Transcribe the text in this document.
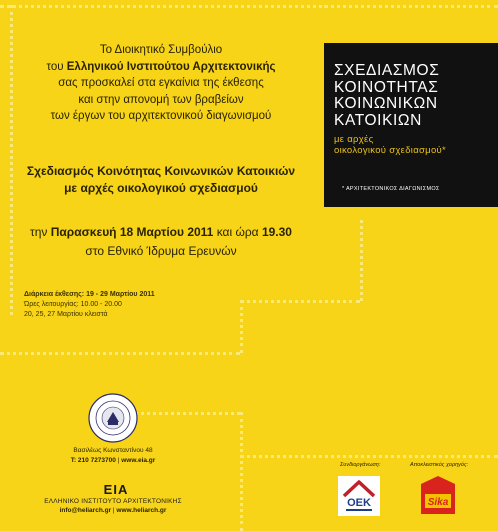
Το Διοικητικό Συμβούλιο
του Ελληνικού Ινστιτούτου Αρχιτεκτονικής
σας προσκαλεί στα εγκαίνια της έκθεσης
και στην απονομή των βραβείων
των έργων του αρχιτεκτονικού διαγωνισμού
Σχεδιασμός Κοινότητας Κοινωνικών Κατοικιών
με αρχές οικολογικού σχεδιασμού
την Παρασκευή 18 Μαρτίου 2011 και ώρα 19.30
στο Εθνικό Ίδρυμα Ερευνών
Διάρκεια έκθεσης: 19 - 29 Μαρτίου 2011
Ώρες λειτουργίας: 10.00 - 20.00
20, 25, 27 Μαρτίου κλειστά
ΣΧΕΔΙΑΣΜΟΣ
ΚΟΙΝΟΤΗΤΑΣ
ΚΟΙΝΩΝΙΚΩΝ
ΚΑΤΟΙΚΙΩΝ
με αρχές
οικολογικού σχεδιασμού*
* ΑΡΧΙΤΕΚΤΟΝΙΚΟΣ ΔΙΑΓΩΝΙΣΜΟΣ
Βασιλέως Κωνσταντίνου 48
Τ: 210 7273700 | www.eia.gr
ΕΙΑ
ΕΛΛΗΝΙΚΟ ΙΝΣΤΙΤΟΥΤΟ ΑΡΧΙΤΕΚΤΟΝΙΚΗΣ
info@heliarch.gr | www.heliarch.gr
Συνδιοργάνωση:	Αποκλειστικός χορηγός:
ΟΕΚ	Sika
